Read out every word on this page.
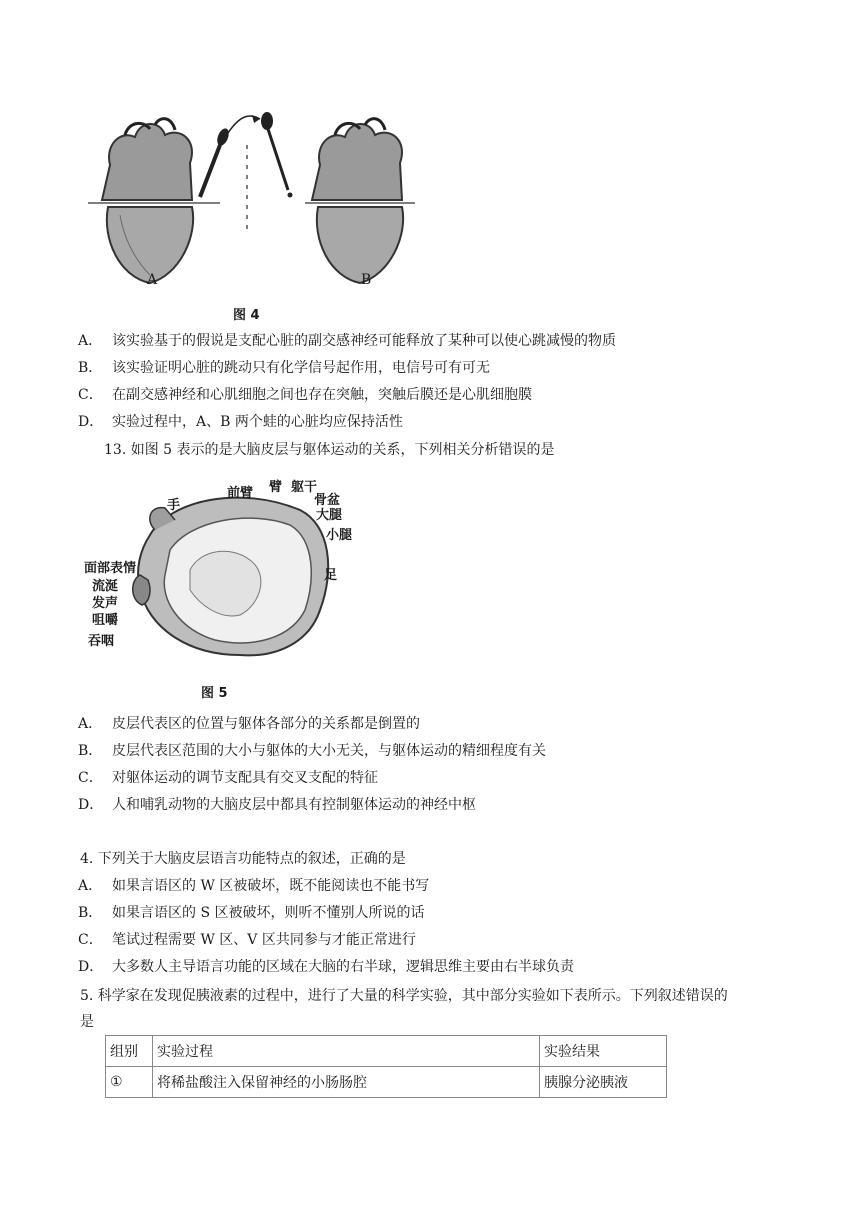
A	B
图 4
A． 该实验基于的假说是支配心脏的副交感神经可能释放了某种可以使心跳减慢的物质
B． 该实验证明心脏的跳动只有化学信号起作用，电信号可有可无
C． 在副交感神经和心肌细胞之间也存在突触，突触后膜还是心肌细胞膜
D． 实验过程中，A、B 两个蛙的心脏均应保持活性
13. 如图 5 表示的是大脑皮层与躯体运动的关系，下列相关分析错误的是
手
前臂 臂 躯干
骨盆
大腿
小腿
足
面部表情
流涎
发声
咀嚼
吞咽
图 5
A． 皮层代表区的位置与躯体各部分的关系都是倒置的
B． 皮层代表区范围的大小与躯体的大小无关，与躯体运动的精细程度有关
C． 对躯体运动的调节支配具有交叉支配的特征
D． 人和哺乳动物的大脑皮层中都具有控制躯体运动的神经中枢
4. 下列关于大脑皮层语言功能特点的叙述，正确的是
A． 如果言语区的 W 区被破坏，既不能阅读也不能书写
B． 如果言语区的 S 区被破坏，则听不懂别人所说的话
C． 笔试过程需要 W 区、V 区共同参与才能正常进行
D． 大多数人主导语言功能的区域在大脑的右半球，逻辑思维主要由右半球负责
5. 科学家在发现促胰液素的过程中，进行了大量的科学实验，其中部分实验如下表所示。下列叙述错误的
是
组别	实验过程	实验结果
①	将稀盐酸注入保留神经的小肠肠腔	胰腺分泌胰液
